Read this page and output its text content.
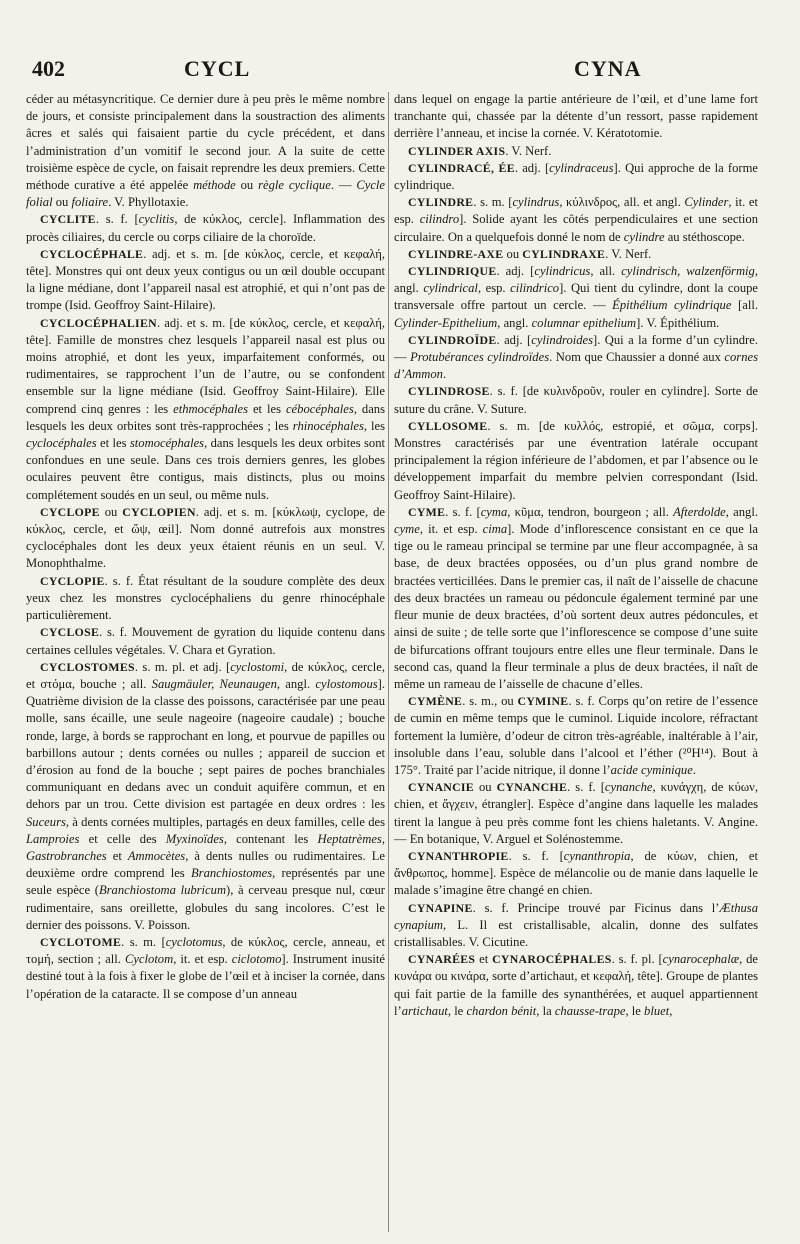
402	CYCL	CYNA

céder au métasyncritique. Ce dernier dure à peu près le même nombre de jours, et consiste principalement dans la soustraction des aliments âcres et salés qui faisaient partie du cycle précédent, et dans l’administration d’un vomitif le second jour. A la suite de cette troisième espèce de cycle, on faisait reprendre les deux premiers. Cette méthode curative a été appelée méthode ou règle cyclique. — Cycle folial ou foliaire. V. Phyllotaxie.

CYCLITE. s. f. [cyclitis, de κύκλος, cercle]. Inflammation des procès ciliaires, du cercle ou corps ciliaire de la choroïde.

CYCLOCÉPHALE. adj. et s. m. [de κύκλος, cercle, et κεφαλή, tête]. Monstres qui ont deux yeux contigus ou un œil double occupant la ligne médiane, dont l’appareil nasal est atrophié, et qui n’ont pas de trompe (Isid. Geoffroy Saint-Hilaire).

CYCLOCÉPHALIEN. adj. et s. m. [de κύκλος, cercle, et κεφαλή, tête]. Famille de monstres chez lesquels l’appareil nasal est plus ou moins atrophié, et dont les yeux, imparfaitement conformés, ou rudimentaires, se rapprochent l’un de l’autre, ou se confondent ensemble sur la ligne médiane (Isid. Geoffroy Saint-Hilaire). Elle comprend cinq genres : les ethmocéphales et les cébocéphales, dans lesquels les deux orbites sont très-rapprochées ; les rhinocéphales, les cyclocéphales et les stomocéphales, dans lesquels les deux orbites sont confondues en une seule. Dans ces trois derniers genres, les globes oculaires peuvent être contigus, mais distincts, plus ou moins complétement soudés en un seul, ou même nuls.

CYCLOPE ou CYCLOPIEN. adj. et s. m. [κύκλωψ, cyclope, de κύκλος, cercle, et ὤψ, œil]. Nom donné autrefois aux monstres cyclocéphales dont les deux yeux étaient réunis en un seul. V. Monophthalme.

CYCLOPIE. s. f. État résultant de la soudure complète des deux yeux chez les monstres cyclocéphaliens du genre rhinocéphale particulièrement.

CYCLOSE. s. f. Mouvement de gyration du liquide contenu dans certaines cellules végétales. V. Chara et Gyration.

CYCLOSTOMES. s. m. pl. et adj. [cyclostomi, de κύκλος, cercle, et στόμα, bouche ; all. Saugmäuler, Neunaugen, angl. cylostomous]. Quatrième division de la classe des poissons, caractérisée par une peau molle, sans écaille, une seule nageoire (nageoire caudale) ; bouche ronde, large, à bords se rapprochant en long, et pourvue de papilles ou barbillons autour ; dents cornées ou nulles ; appareil de succion et d’érosion au fond de la bouche ; sept paires de poches branchiales communiquant en dedans avec un conduit aquifère commun, et en dehors par un trou. Cette division est partagée en deux ordres : les Suceurs, à dents cornées multiples, partagés en deux familles, celle des Lamproies et celle des Myxinoïdes, contenant les Heptatrèmes, Gastrobranches et Ammocètes, à dents nulles ou rudimentaires. Le deuxième ordre comprend les Branchiostomes, représentés par une seule espèce (Branchiostoma lubricum), à cerveau presque nul, cœur rudimentaire, sans oreillette, globules du sang incolores. C’est le dernier des poissons. V. Poisson.

CYCLOTOME. s. m. [cyclotomus, de κύκλος, cercle, anneau, et τομή, section ; all. Cyclotom, it. et esp. ciclotomo]. Instrument inusité destiné tout à la fois à fixer le globe de l’œil et à inciser la cornée, dans l’opération de la cataracte. Il se compose d’un anneau

dans lequel on engage la partie antérieure de l’œil, et d’une lame fort tranchante qui, chassée par la détente d’un ressort, passe rapidement derrière l’anneau, et incise la cornée. V. Kératotomie.

CYLINDER AXIS. V. Nerf.

CYLINDRACÉ, ÉE. adj. [cylindraceus]. Qui approche de la forme cylindrique.

CYLINDRE. s. m. [cylindrus, κύλινδρος, all. et angl. Cylinder, it. et esp. cilindro]. Solide ayant les côtés perpendiculaires et une section circulaire. On a quelquefois donné le nom de cylindre au stéthoscope.

CYLINDRE-AXE ou CYLINDRAXE. V. Nerf.

CYLINDRIQUE. adj. [cylindricus, all. cylindrisch, walzenförmig, angl. cylindrical, esp. cilindrico]. Qui tient du cylindre, dont la coupe transversale offre partout un cercle. — Épithélium cylindrique [all. Cylinder-Epithelium, angl. columnar epithelium]. V. Épithélium.

CYLINDROÏDE. adj. [cylindroides]. Qui a la forme d’un cylindre. — Protubérances cylindroïdes. Nom que Chaussier a donné aux cornes d’Ammon.

CYLINDROSE. s. f. [de κυλινδροῦν, rouler en cylindre]. Sorte de suture du crâne. V. Suture.

CYLLOSOME. s. m. [de κυλλός, estropié, et σῶμα, corps]. Monstres caractérisés par une éventration latérale occupant principalement la région inférieure de l’abdomen, et par l’absence ou le développement imparfait du membre pelvien correspondant (Isid. Geoffroy Saint-Hilaire).

CYME. s. f. [cyma, κῦμα, tendron, bourgeon ; all. Afterdolde, angl. cyme, it. et esp. cima]. Mode d’inflorescence consistant en ce que la tige ou le rameau principal se termine par une fleur accompagnée, à sa base, de deux bractées opposées, ou d’un plus grand nombre de bractées verticillées. Dans le premier cas, il naît de l’aisselle de chacune des deux bractées un rameau ou pédoncule également terminé par une fleur munie de deux bractées, d’où sortent deux autres pédoncules, et ainsi de suite ; de telle sorte que l’inflorescence se compose d’une suite de bifurcations offrant toujours entre elles une fleur terminale. Dans le second cas, quand la fleur terminale a plus de deux bractées, il naît de même un rameau de l’aisselle de chacune d’elles.

CYMÈNE. s. m., ou CYMINE. s. f. Corps qu’on retire de l’essence de cumin en même temps que le cuminol. Liquide incolore, réfractant fortement la lumière, d’odeur de citron très-agréable, inaltérable à l’air, insoluble dans l’eau, soluble dans l’alcool et l’éther (²⁰H¹⁴). Bout à 175°. Traité par l’acide nitrique, il donne l’acide cyminique.

CYNANCIE ou CYNANCHE. s. f. [cynanche, κυνάγχη, de κύων, chien, et ἄγχειν, étrangler]. Espèce d’angine dans laquelle les malades tirent la langue à peu près comme font les chiens haletants. V. Angine. — En botanique, V. Arguel et Solénostemme.

CYNANTHROPIE. s. f. [cynanthropia, de κύων, chien, et ἄνθρωπος, homme]. Espèce de mélancolie ou de manie dans laquelle le malade s’imagine être changé en chien.

CYNAPINE. s. f. Principe trouvé par Ficinus dans l’Æthusa cynapium, L. Il est cristallisable, alcalin, donne des sulfates cristallisables. V. Cicutine.

CYNARÉES et CYNAROCÉPHALES. s. f. pl. [cynarocephalæ, de κυνάρα ou κινάρα, sorte d’artichaut, et κεφαλή, tête]. Groupe de plantes qui fait partie de la famille des synanthérées, et auquel appartiennent l’artichaut, le chardon bénit, la chausse-trape, le bluet,
